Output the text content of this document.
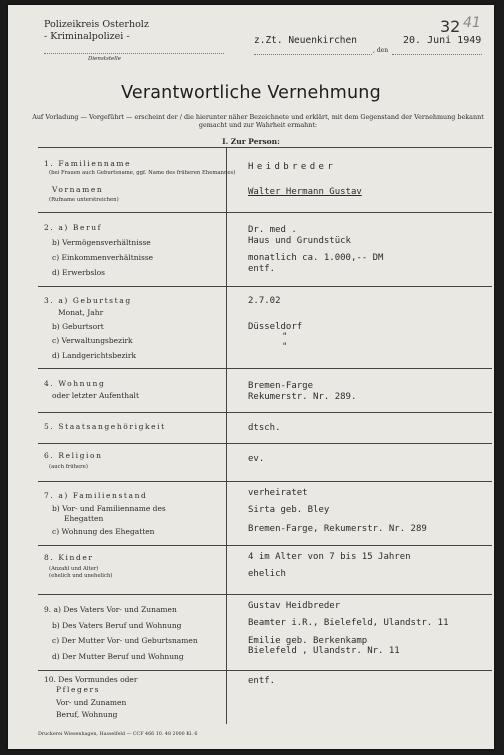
Polizeikreis Osterholz
- Kriminalpolizei -
Dienststelle
z.Zt. Neuenkirchen
, den
20. Juni 1949
32 41
Verantwortliche Vernehmung
Auf Vorladung — Vorgeführt — erscheint der / die hierunter näher Bezeichnete und erklärt, mit dem Gegenstand der Vernehmung bekannt gemacht und zur Wahrheit ermahnt:
I. Zur Person:
1. Familienname
(bei Frauen auch Geburtsname, ggf. Name des früheren Ehemannes)
Vornamen
(Rufname unterstreichen)
Heidbreder
Walter Hermann Gustav
2. a) Beruf
b) Vermögensverhältnisse
c) Einkommenverhältnisse
d) Erwerbslos
Dr. med .
Haus und Grundstück
monatlich ca. 1.000,-- DM
entf.
3. a) Geburtstag
Monat, Jahr
b) Geburtsort
c) Verwaltungsbezirk
d) Landgerichtsbezirk
2.7.02
Düsseldorf
"
"
4. Wohnung
oder letzter Aufenthalt
Bremen-Farge
Rekumerstr. Nr. 289.
5. Staatsangehörigkeit	dtsch.
6. Religion
(auch frühere)
ev.
7. a) Familienstand
b) Vor- und Familienname des
Ehegatten
c) Wohnung des Ehegatten
verheiratet
Sirta geb. Bley
Bremen-Farge, Rekumerstr. Nr. 289
8. Kinder
(Anzahl und Alter)
(ehelich und unehelich)
4 im Alter von 7 bis 15 Jahren
ehelich
9. a) Des Vaters Vor- und Zunamen
b) Des Vaters Beruf und Wohnung
c) Der Mutter Vor- und Geburtsnamen
d) Der Mutter Beruf und Wohnung
Gustav Heidbreder
Beamter i.R., Bielefeld, Ulandstr. 11
Emilie geb. Berkenkamp
Bielefeld , Ulandstr. Nr. 11
10. Des Vormundes oder
Pflegers
Vor- und Zunamen
Beruf, Wohnung
entf.
Druckerei Wiesenhagen, Hasselfeld — CCF 466 10. 48 2000 Kl. 6
